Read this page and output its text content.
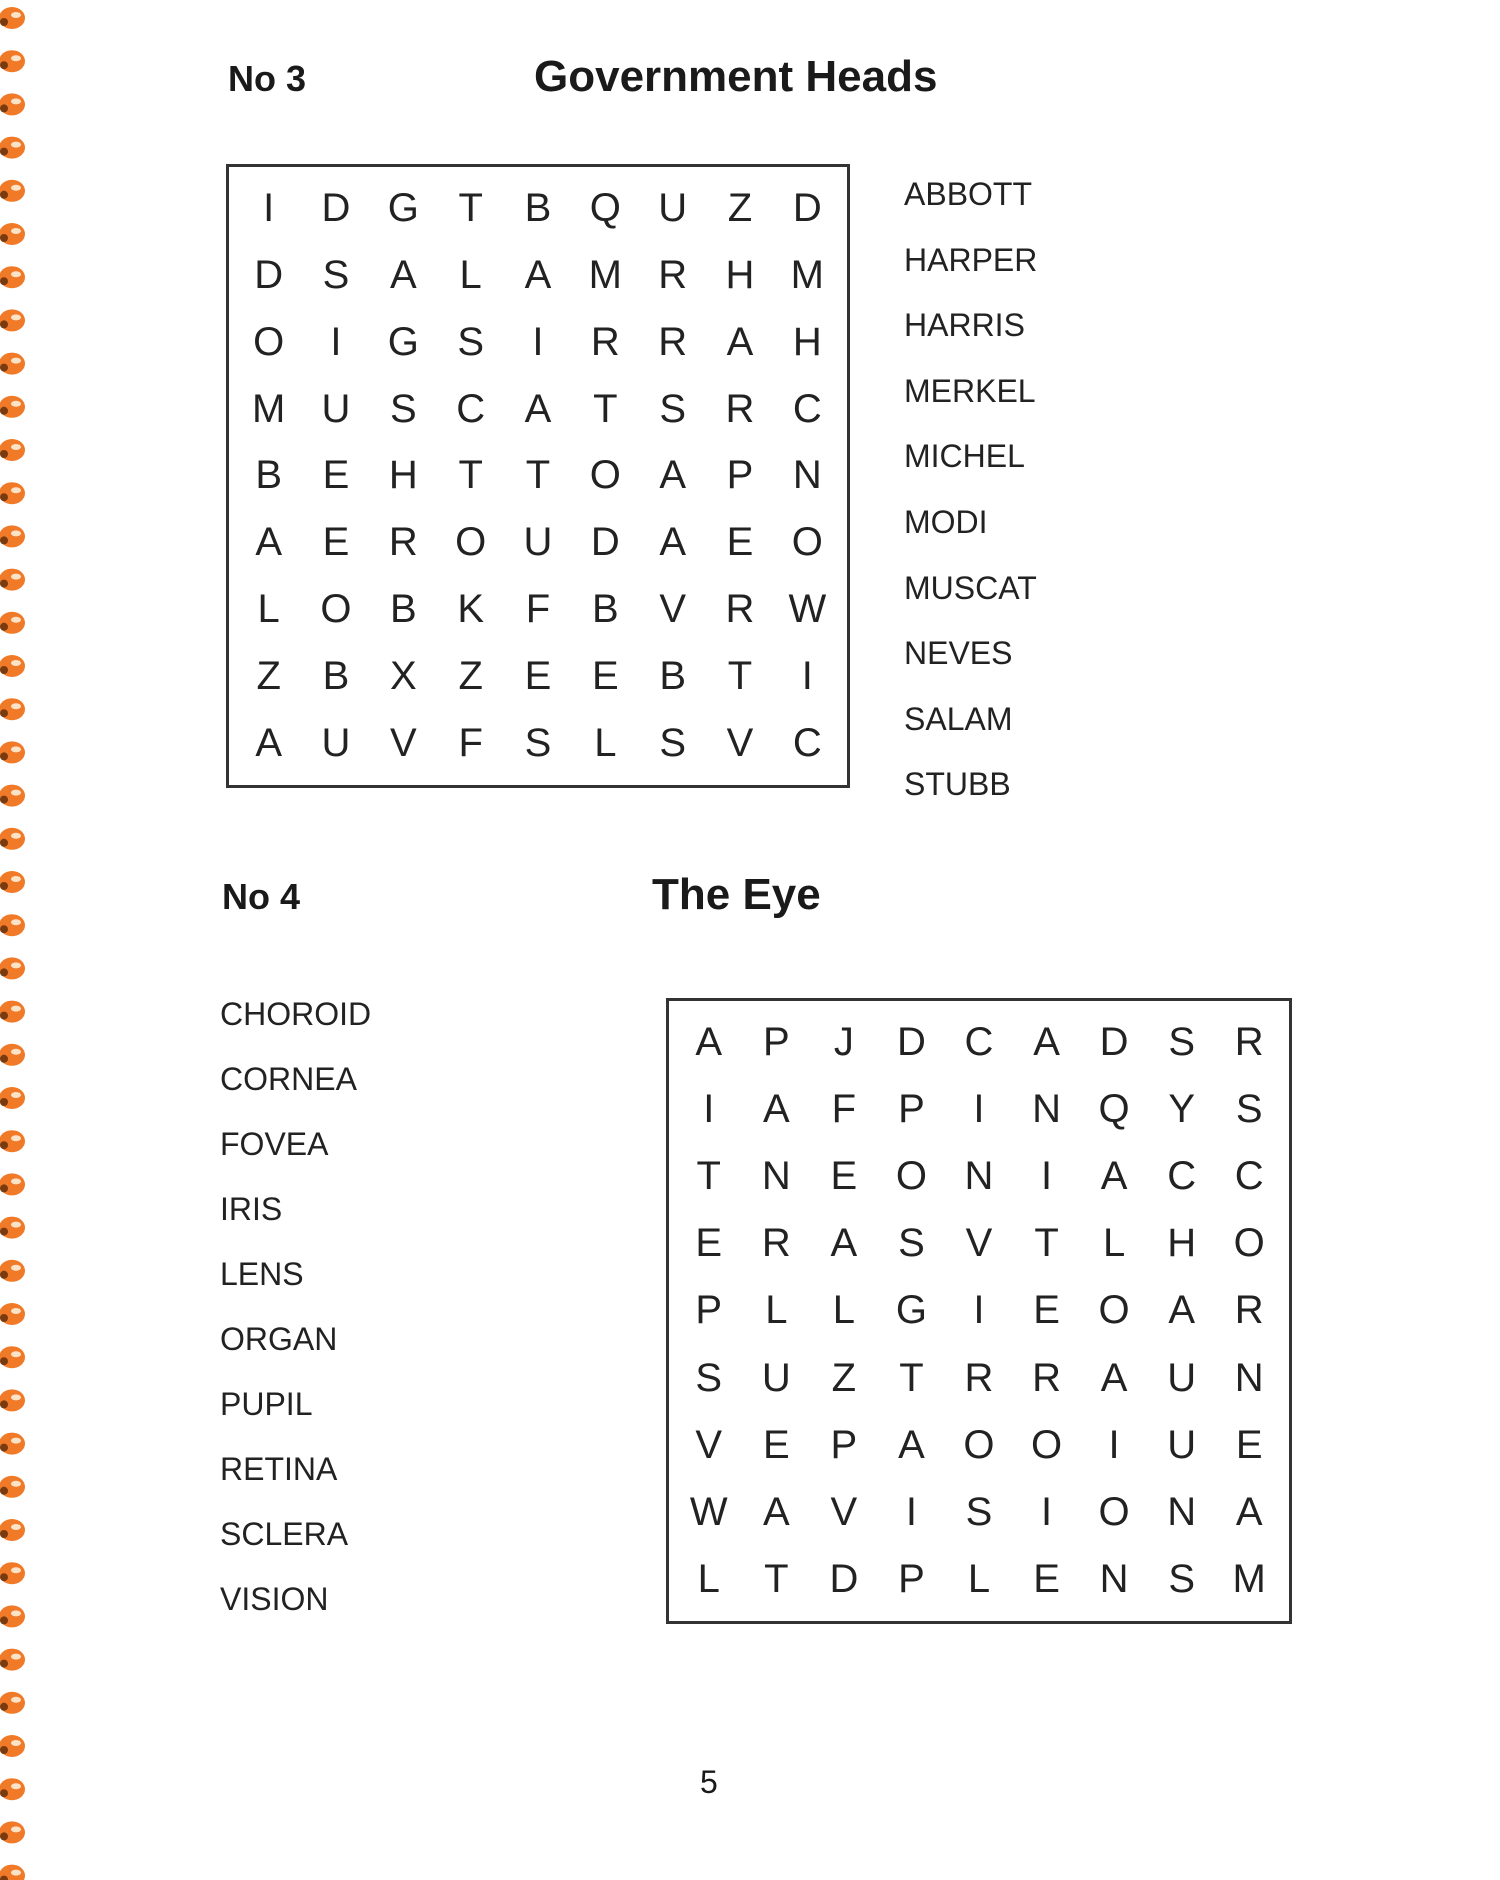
No 3	Government Heads
I	D G T	B Q U	Z	D
D S	A	L	A M R H M
O	I	G S	I	R R A H
M U S C A	T	S R C
B	E H	T	T O A	P N
A	E R O U D A	E O
L	O B	K	F	B	V R W
Z	B	X	Z	E	E	B	T	I
A U V	F	S	L	S	V C
ABBOTT
HARPER
HARRIS
MERKEL
MICHEL
MODI
MUSCAT
NEVES
SALAM
STUBB
No 4	The Eye
A	P	J	D C A D S R
I	A	F	P	I	N Q Y	S
T	N E O N	I	A C C
E R A	S	V	T	L	H O
P	L	L	G	I	E O A R
S U	Z	T	R R A U N
V	E	P	A O O	I	U E
W A	V	I	S	I	O N A
L	T	D P	L	E N S M
CHOROID
CORNEA
FOVEA
IRIS
LENS
ORGAN
PUPIL
RETINA
SCLERA
VISION
5
